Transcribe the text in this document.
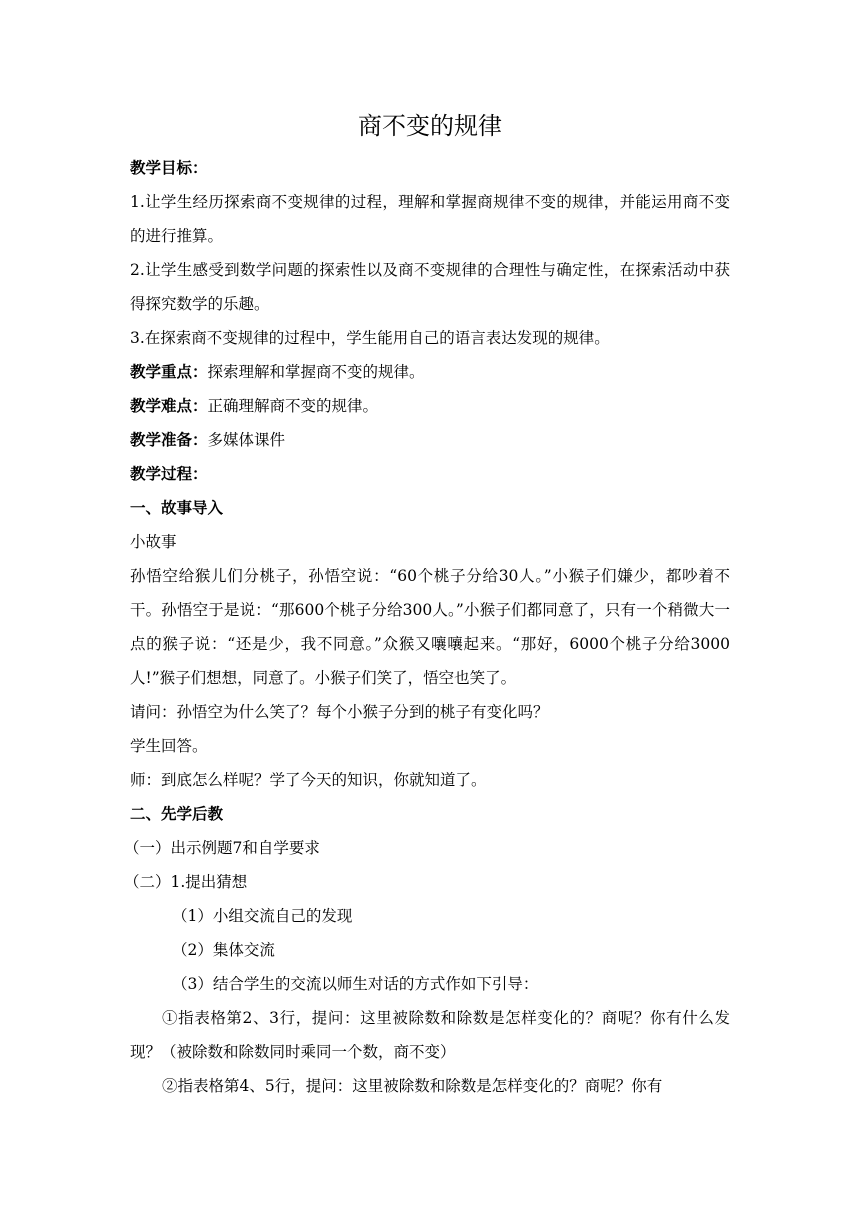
商不变的规律

教学目标：

1.让学生经历探索商不变规律的过程，理解和掌握商规律不变的规律，并能运用商不变的进行推算。

2.让学生感受到数学问题的探索性以及商不变规律的合理性与确定性，在探索活动中获得探究数学的乐趣。

3.在探索商不变规律的过程中，学生能用自己的语言表达发现的规律。

教学重点：探索理解和掌握商不变的规律。

教学难点：正确理解商不变的规律。

教学准备：多媒体课件

教学过程：

一、故事导入

小故事

孙悟空给猴儿们分桃子，孙悟空说：“60个桃子分给30人。”小猴子们嫌少，都吵着不干。孙悟空于是说：“那600个桃子分给300人。”小猴子们都同意了，只有一个稍微大一点的猴子说：“还是少，我不同意。”众猴又嚷嚷起来。“那好，6000个桃子分给3000人!”猴子们想想，同意了。小猴子们笑了，悟空也笑了。

请问：孙悟空为什么笑了？每个小猴子分到的桃子有变化吗？

学生回答。

师：到底怎么样呢？学了今天的知识，你就知道了。

二、先学后教

（一）出示例题7和自学要求

（二）1.提出猜想

（1）小组交流自己的发现

（2）集体交流

（3）结合学生的交流以师生对话的方式作如下引导：

①指表格第2、3行，提问：这里被除数和除数是怎样变化的？商呢？你有什么发现？（被除数和除数同时乘同一个数，商不变）

②指表格第4、5行，提问：这里被除数和除数是怎样变化的？商呢？你有
